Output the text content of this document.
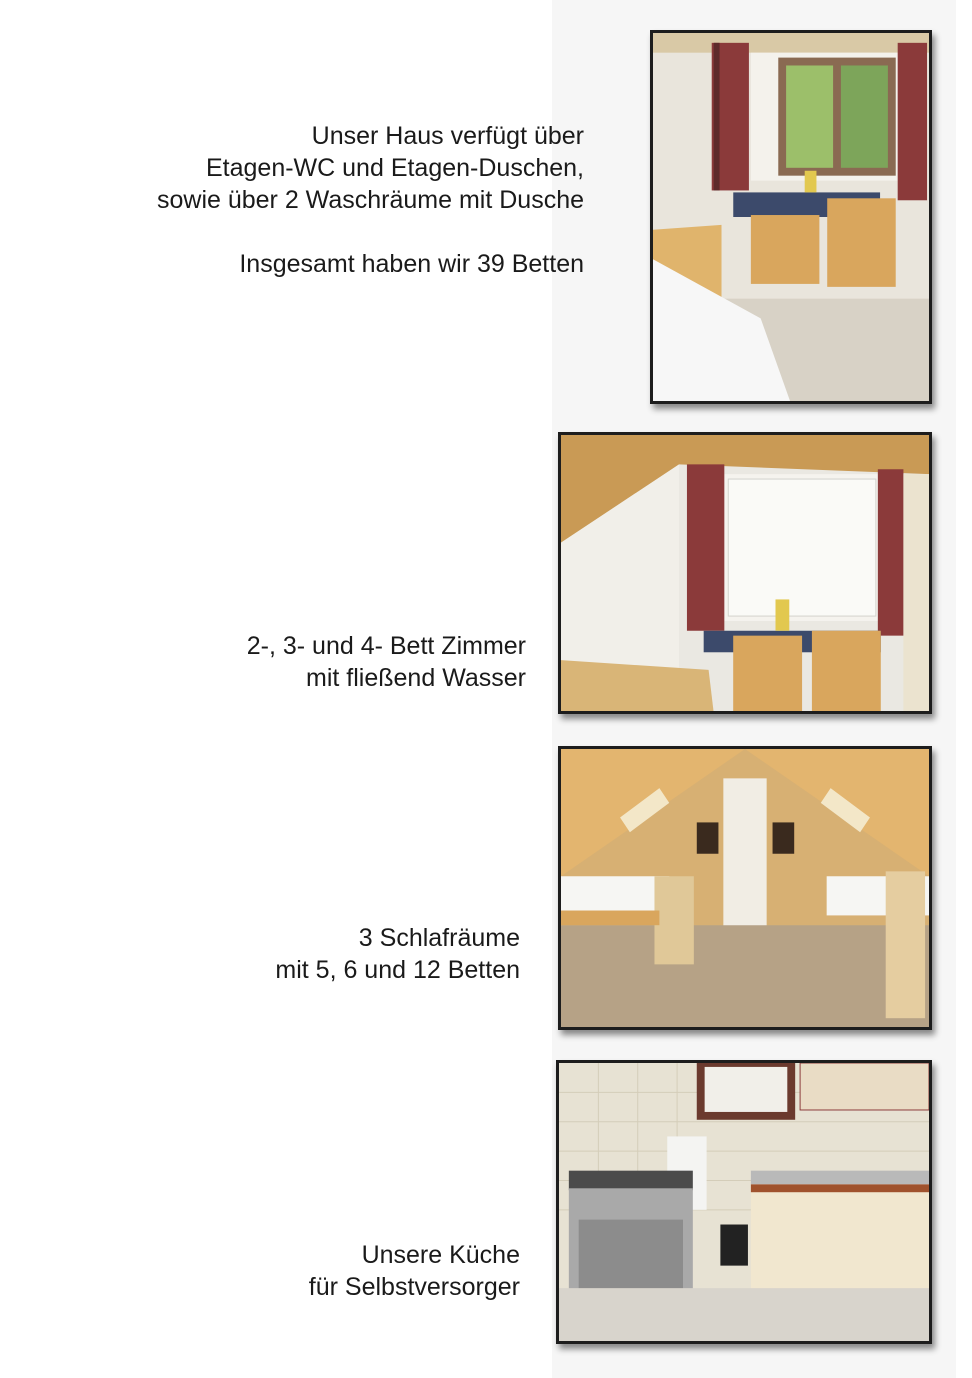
Unser Haus verfügt über

Etagen-WC und Etagen-Duschen,

sowie über 2 Waschräume mit Dusche

Insgesamt haben wir 39 Betten

2-, 3- und 4- Bett Zimmer

mit fließend Wasser

3 Schlafräume

mit 5, 6 und 12 Betten

Unsere Küche

für Selbstversorger
